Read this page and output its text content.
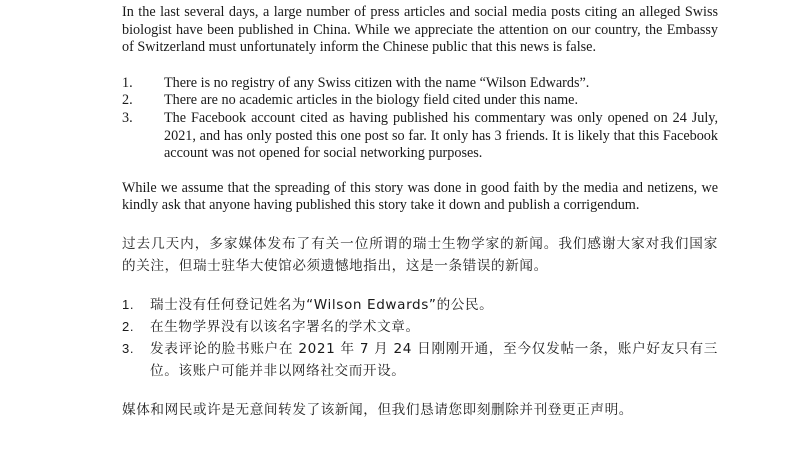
In the last several days, a large number of press articles and social media posts citing an alleged Swiss biologist have been published in China. While we appreciate the attention on our country, the Embassy of Switzerland must unfortunately inform the Chinese public that this news is false.

1. There is no registry of any Swiss citizen with the name “Wilson Edwards”.
2. There are no academic articles in the biology field cited under this name.
3. The Facebook account cited as having published his commentary was only opened on 24 July, 2021, and has only posted this one post so far. It only has 3 friends. It is likely that this Facebook account was not opened for social networking purposes.

While we assume that the spreading of this story was done in good faith by the media and netizens, we kindly ask that anyone having published this story take it down and publish a corrigendum.

过去几天内，多家媒体发布了有关一位所谓的瑞士生物学家的新闻。我们感谢大家对我们国家的关注，但瑞士驻华大使馆必须遗憾地指出，这是一条错误的新闻。

1. 瑞士没有任何登记姓名为“Wilson Edwards”的公民。
2. 在生物学界没有以该名字署名的学术文章。
3. 发表评论的脸书账户在 2021 年 7 月 24 日刚刚开通，至今仅发帖一条，账户好友只有三位。该账户可能并非以网络社交而开设。

媒体和网民或许是无意间转发了该新闻，但我们恳请您即刻删除并刊登更正声明。
